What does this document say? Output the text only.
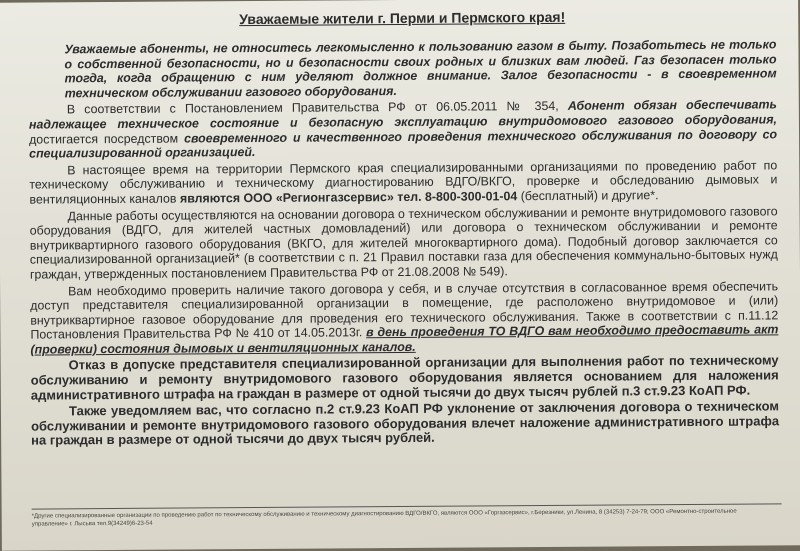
Уважаемые жители г. Перми и Пермского края!

Уважаемые абоненты, не относитесь легкомысленно к пользованию газом в быту. Позаботьтесь не только о собственной безопасности, но и безопасности своих родных и близких вам людей. Газ безопасен только тогда, когда обращению с ним уделяют должное внимание. Залог безопасности - в своевременном техническом обслуживании газового оборудования.

В соответствии с Постановлением Правительства РФ от 06.05.2011 № 354, Абонент обязан обеспечивать надлежащее техническое состояние и безопасную эксплуатацию внутридомового газового оборудования, достигается посредством своевременного и качественного проведения технического обслуживания по договору со специализированной организацией.

В настоящее время на территории Пермского края специализированными организациями по проведению работ по техническому обслуживанию и техническому диагностированию ВДГО/ВКГО, проверке и обследованию дымовых и вентиляционных каналов являются ООО «Регионгазсервис» тел. 8-800-300-01-04 (бесплатный) и другие*.

Данные работы осуществляются на основании договора о техническом обслуживании и ремонте внутридомового газового оборудования (ВДГО, для жителей частных домовладений) или договора о техническом обслуживании и ремонте внутриквартирного газового оборудования (ВКГО, для жителей многоквартирного дома). Подобный договор заключается со специализированной организацией* (в соответствии с п. 21 Правил поставки газа для обеспечения коммунально-бытовых нужд граждан, утвержденных постановлением Правительства РФ от 21.08.2008 № 549).

Вам необходимо проверить наличие такого договора у себя, и в случае отсутствия в согласованное время обеспечить доступ представителя специализированной организации в помещение, где расположено внутридомовое и (или) внутриквартирное газовое оборудование для проведения его технического обслуживания. Также в соответствии с п.11.12 Постановления Правительства РФ № 410 от 14.05.2013г. в день проведения ТО ВДГО вам необходимо предоставить акт (проверки) состояния дымовых и вентиляционных каналов.

Отказ в допуске представителя специализированной организации для выполнения работ по техническому обслуживанию и ремонту внутридомового газового оборудования является основанием для наложения административного штрафа на граждан в размере от одной тысячи до двух тысяч рублей п.3 ст.9.23 КоАП РФ.

Также уведомляем вас, что согласно п.2 ст.9.23 КоАП РФ уклонение от заключения договора о техническом обслуживании и ремонте внутридомового газового оборудования влечет наложение административного штрафа на граждан в размере от одной тысячи до двух тысяч рублей.

*Другие специализированные организации по проведению работ по техническому обслуживанию и техническому диагностированию ВДГО/ВКГО, являются ООО «Горгазсервис», г.Березники, ул.Ленина, 8 (34253) 7-24-79; ООО «Ремонтно-строительное
управление» г. Лысьва тел.9(34249)6-23-54
